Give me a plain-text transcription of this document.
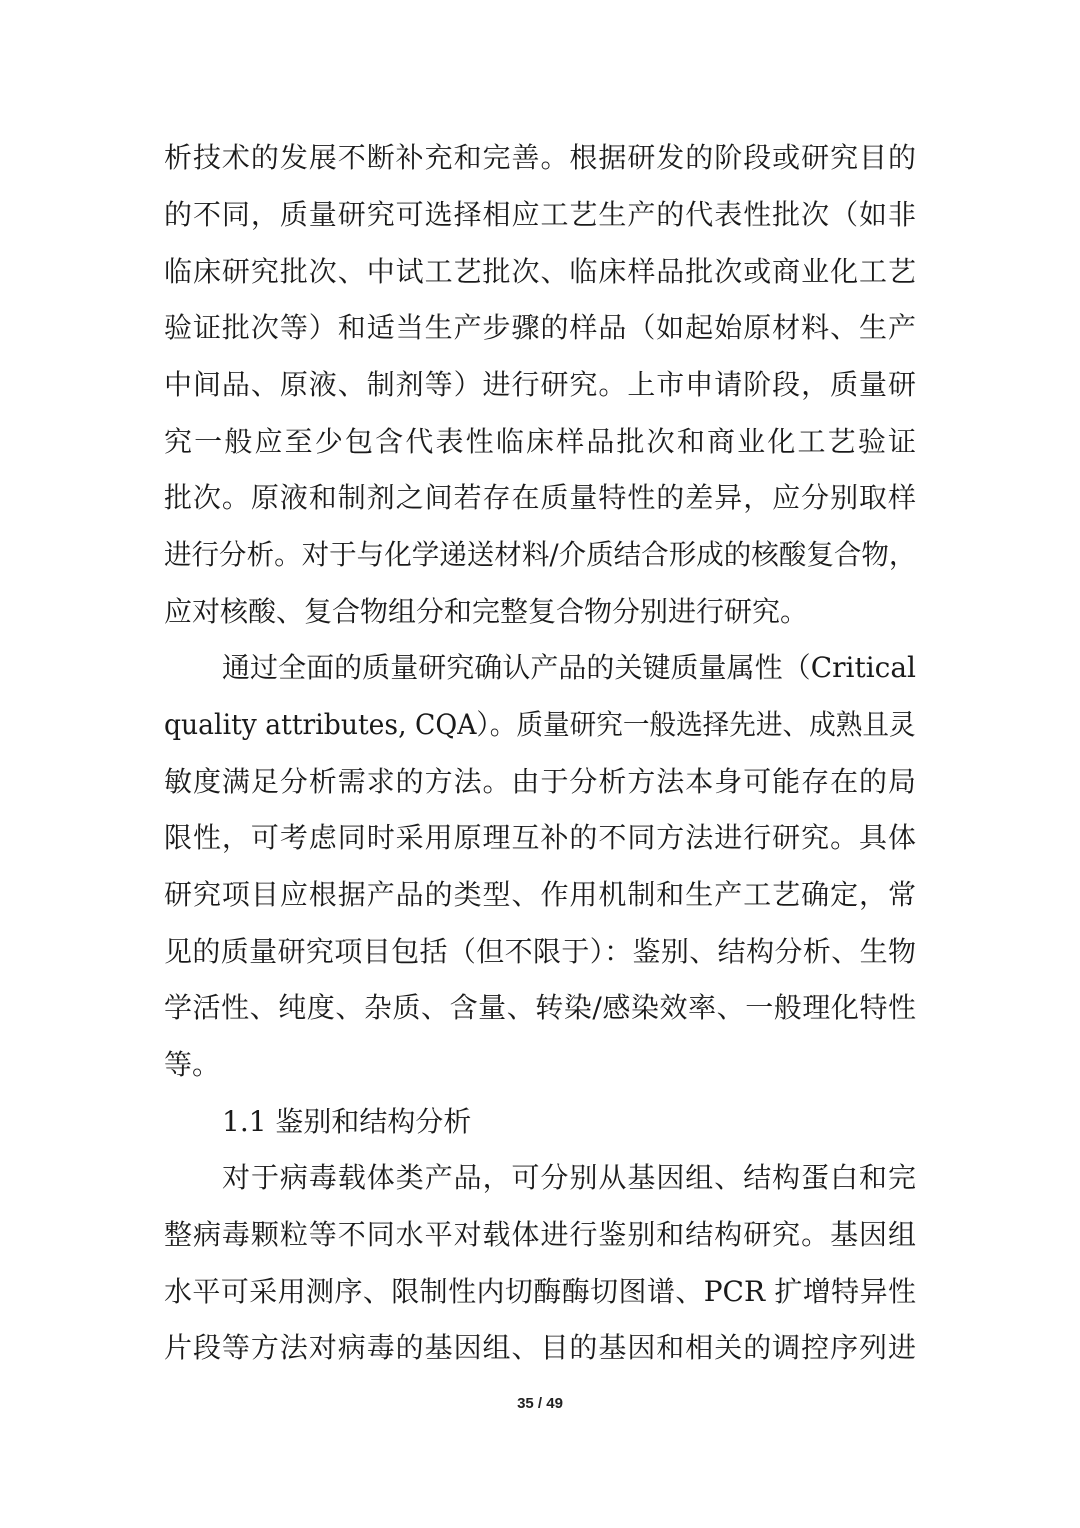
析技术的发展不断补充和完善。根据研发的阶段或研究目的
的不同，质量研究可选择相应工艺生产的代表性批次（如非
临床研究批次、中试工艺批次、临床样品批次或商业化工艺
验证批次等）和适当生产步骤的样品（如起始原材料、生产
中间品、原液、制剂等）进行研究。上市申请阶段，质量研
究一般应至少包含代表性临床样品批次和商业化工艺验证
批次。原液和制剂之间若存在质量特性的差异，应分别取样
进行分析。对于与化学递送材料/介质结合形成的核酸复合物，
应对核酸、复合物组分和完整复合物分别进行研究。
通过全面的质量研究确认产品的关键质量属性（Critical
quality attributes, CQA）。质量研究一般选择先进、成熟且灵
敏度满足分析需求的方法。由于分析方法本身可能存在的局
限性，可考虑同时采用原理互补的不同方法进行研究。具体
研究项目应根据产品的类型、作用机制和生产工艺确定，常
见的质量研究项目包括（但不限于）：鉴别、结构分析、生物
学活性、纯度、杂质、含量、转染/感染效率、一般理化特性
等。
1.1 鉴别和结构分析
对于病毒载体类产品，可分别从基因组、结构蛋白和完
整病毒颗粒等不同水平对载体进行鉴别和结构研究。基因组
水平可采用测序、限制性内切酶酶切图谱、PCR 扩增特异性
片段等方法对病毒的基因组、目的基因和相关的调控序列进
35 / 49
